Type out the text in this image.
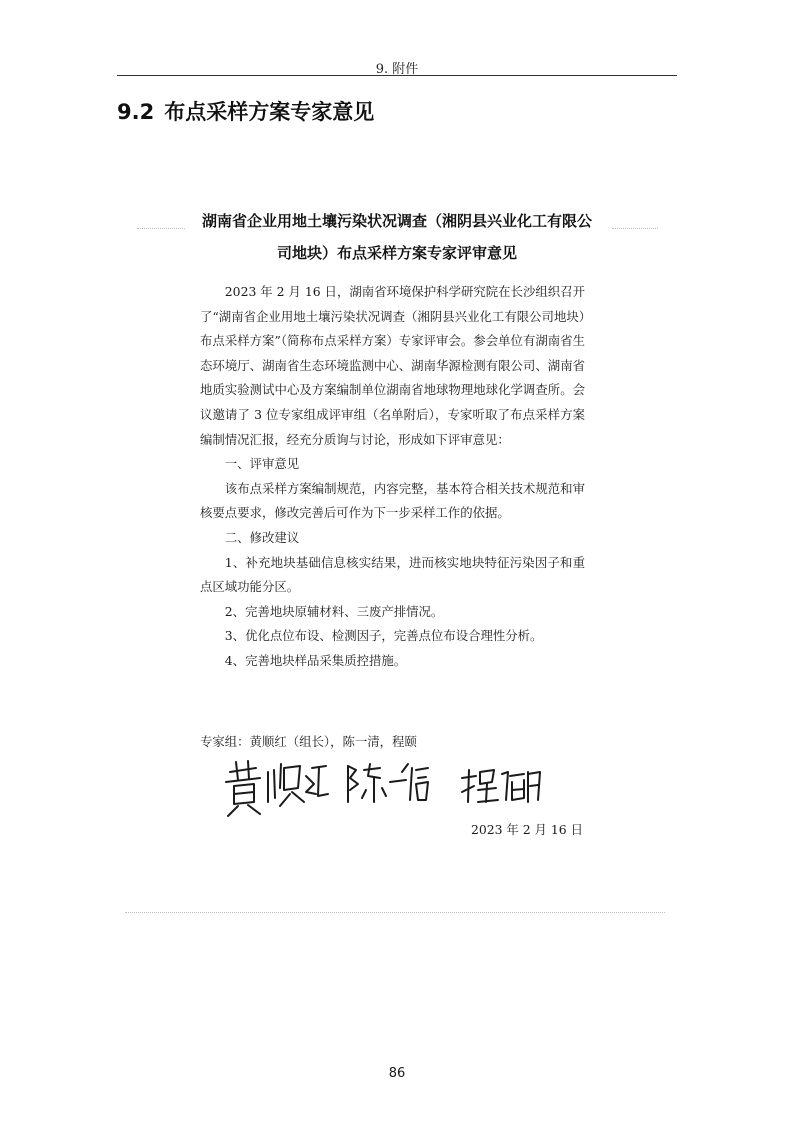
9. 附件
9.2 布点采样方案专家意见
湖南省企业用地土壤污染状况调查（湘阴县兴业化工有限公
司地块）布点采样方案专家评审意见

2023 年 2 月 16 日，湖南省环境保护科学研究院在长沙组织召开了“湖南省企业用地土壤污染状况调查（湘阴县兴业化工有限公司地块）布点采样方案”（简称布点采样方案）专家评审会。参会单位有湖南省生态环境厅、湖南省生态环境监测中心、湖南华源检测有限公司、湖南省地质实验测试中心及方案编制单位湖南省地球物理地球化学调查所。会议邀请了 3 位专家组成评审组（名单附后），专家听取了布点采样方案编制情况汇报，经充分质询与讨论，形成如下评审意见：

一、评审意见

该布点采样方案编制规范，内容完整，基本符合相关技术规范和审核要点要求，修改完善后可作为下一步采样工作的依据。

二、修改建议

1、补充地块基础信息核实结果，进而核实地块特征污染因子和重点区域功能分区。

2、完善地块原辅材料、三废产排情况。

3、优化点位布设、检测因子，完善点位布设合理性分析。

4、完善地块样品采集质控措施。

专家组：黄顺红（组长），陈一清，程颐
2023 年 2 月 16 日
86
